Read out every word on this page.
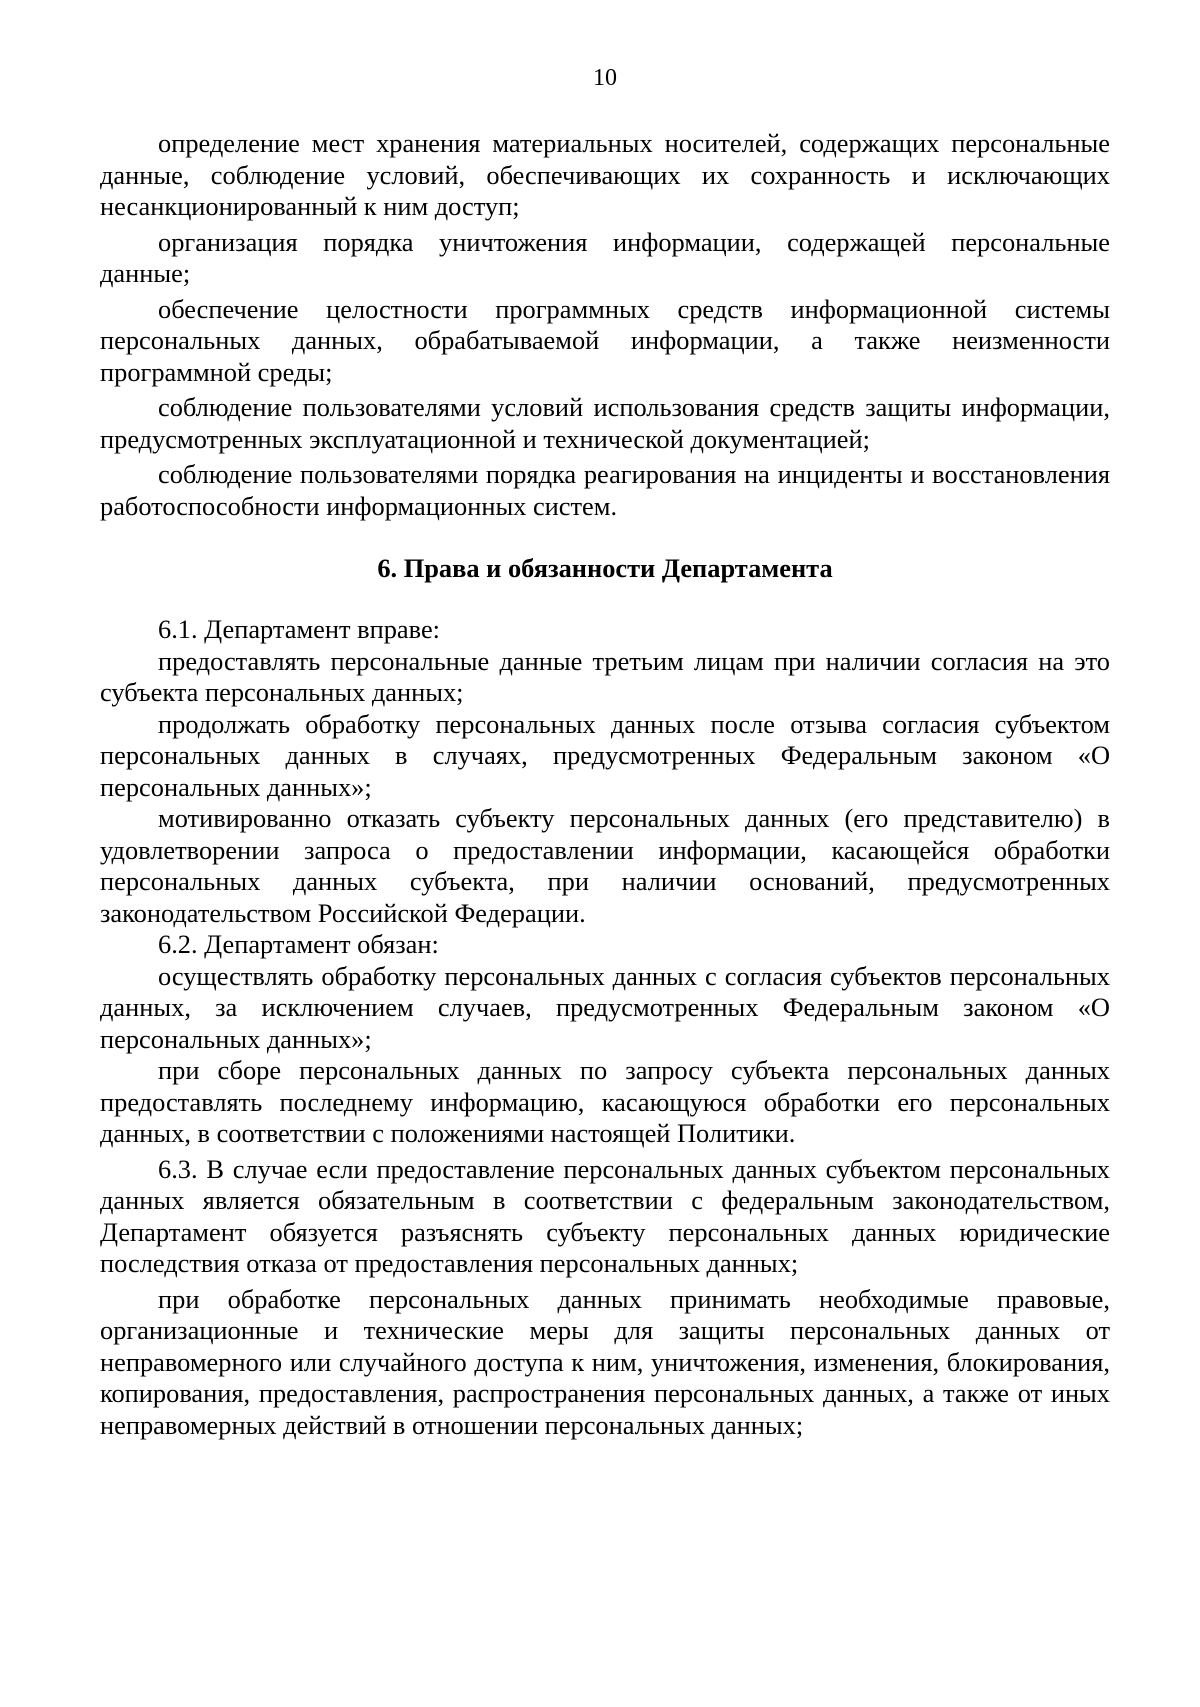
10

определение мест хранения материальных носителей, содержащих персональные данные, соблюдение условий, обеспечивающих их сохранность и исключающих несанкционированный к ним доступ;

организация порядка уничтожения информации, содержащей персональные данные;

обеспечение целостности программных средств информационной системы персональных данных, обрабатываемой информации, а также неизменности программной среды;

соблюдение пользователями условий использования средств защиты информации, предусмотренных эксплуатационной и технической документацией;

соблюдение пользователями порядка реагирования на инциденты и восстановления работоспособности информационных систем.

6. Права и обязанности Департамента

6.1. Департамент вправе:

предоставлять персональные данные третьим лицам при наличии согласия на это субъекта персональных данных;

продолжать обработку персональных данных после отзыва согласия субъектом персональных данных в случаях, предусмотренных Федеральным законом «О персональных данных»;

мотивированно отказать субъекту персональных данных (его представителю) в удовлетворении запроса о предоставлении информации, касающейся обработки персональных данных субъекта, при наличии оснований, предусмотренных законодательством Российской Федерации.

6.2. Департамент обязан:

осуществлять обработку персональных данных с согласия субъектов персональных данных, за исключением случаев, предусмотренных Федеральным законом «О персональных данных»;

при сборе персональных данных по запросу субъекта персональных данных предоставлять последнему информацию, касающуюся обработки его персональных данных, в соответствии с положениями настоящей Политики.

6.3. В случае если предоставление персональных данных субъектом персональных данных является обязательным в соответствии с федеральным законодательством, Департамент обязуется разъяснять субъекту персональных данных юридические последствия отказа от предоставления персональных данных;

при обработке персональных данных принимать необходимые правовые, организационные и технические меры для защиты персональных данных от неправомерного или случайного доступа к ним, уничтожения, изменения, блокирования, копирования, предоставления, распространения персональных данных, а также от иных неправомерных действий в отношении персональных данных;
